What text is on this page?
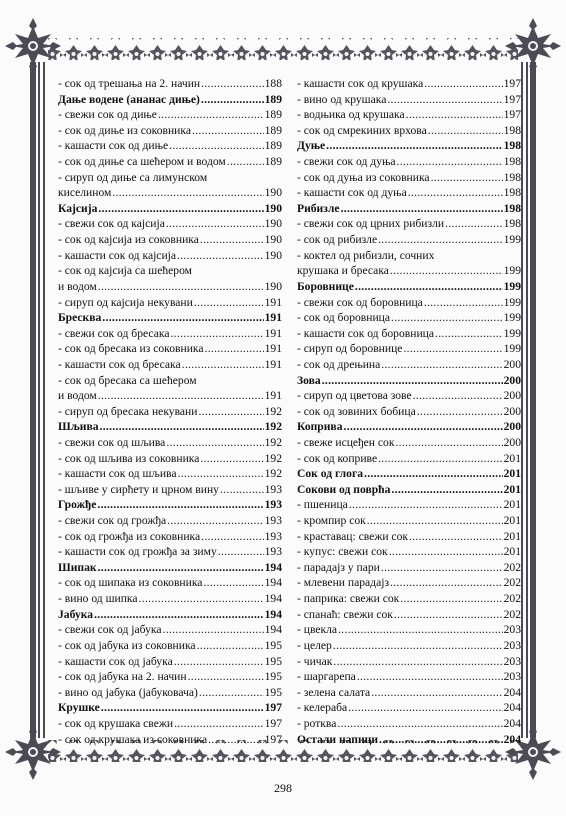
- сок од трешања на 2. начин .....	188
Дање водене (ананас диње) .....	189
- свежи сок од диње .....	189
- сок од диње из соковника .....	189
- кашасти сок од диње .....	189
- сок од диње са шећером и водом .....	189
- сируп од диње са лимунском
киселином .....	190
Кајсија .....	190
- свежи сок од кајсија .....	190
- сок од кајсија из соковника .....	190
- кашасти сок од кајсија .....	190
- сок од кајсија са шећером
и водом .....	190
- сируп од кајсија некувани .....	191
Бресква .....	191
- свежи сок од бресака .....	191
- сок од бресака из соковника .....	191
- кашасти сок од бресака .....	191
- сок од бресака са шећером
и водом .....	191
- сируп од бресака некувани .....	192
Шљива .....	192
- свежи сок од шљива .....	192
- сок од шљива из соковника .....	192
- кашасти сок од шљива .....	192
- шљиве у сирћету и црном вину .....	193
Грожђе .....	193
- свежи сок од грожђа .....	193
- сок од грожђа из соковника .....	193
- кашасти сок од грожђа за зиму .....	193
Шипак .....	194
- сок од шипака из соковника .....	194
- вино од шипка .....	194
Јабука .....	194
- свежи сок од јабука .....	194
- сок од јабука из соковника .....	195
- кашасти сок од јабука .....	195
- сок од јабука на 2. начин .....	195
- вино од јабука (јабуковача) .....	195
Крушке .....	197
- сок од крушака свежи .....	197
- сок од крушака из соковника .....	197
- кашасти сок од крушака .....	197
- вино од крушака .....	197
- водњика од крушака .....	197
- сок од смрекиних врхова .....	198
Дуње .....	198
- свежи сок од дуња .....	198
- сок од дуња из соковника .....	198
- кашасти сок од дуња .....	198
Рибизле .....	198
- свежи сок од црних рибизли .....	198
- сок од рибизле .....	199
- коктел од рибизли, сочних
крушака и бресака .....	199
Боровнице .....	199
- свежи сок од боровница .....	199
- сок од боровница .....	199
- кашасти сок од боровница .....	199
- сируп од боровнице .....	199
- сок од дрењина .....	200
Зова .....	200
- сируп од цветова зове .....	200
- сок од зовиних бобица .....	200
Коприва .....	200
- свеже исцеђен сок .....	200
- сок од коприве .....	201
Сок од глога .....	201
Сокови од поврћа .....	201
- пшеница .....	201
- кромпир сок .....	201
- краставац: свежи сок .....	201
- купус: свежи сок .....	201
- парадајз у пари .....	202
- млевени парадајз .....	202
- паприка: свежи сок .....	202
- спанаћ: свежи сок .....	202
- цвекла .....	203
- целер .....	203
- чичак .....	203
- шаргарепа .....	203
- зелена салата .....	204
- келераба .....	204
- ротква .....	204
Остали напици .....	204
298
